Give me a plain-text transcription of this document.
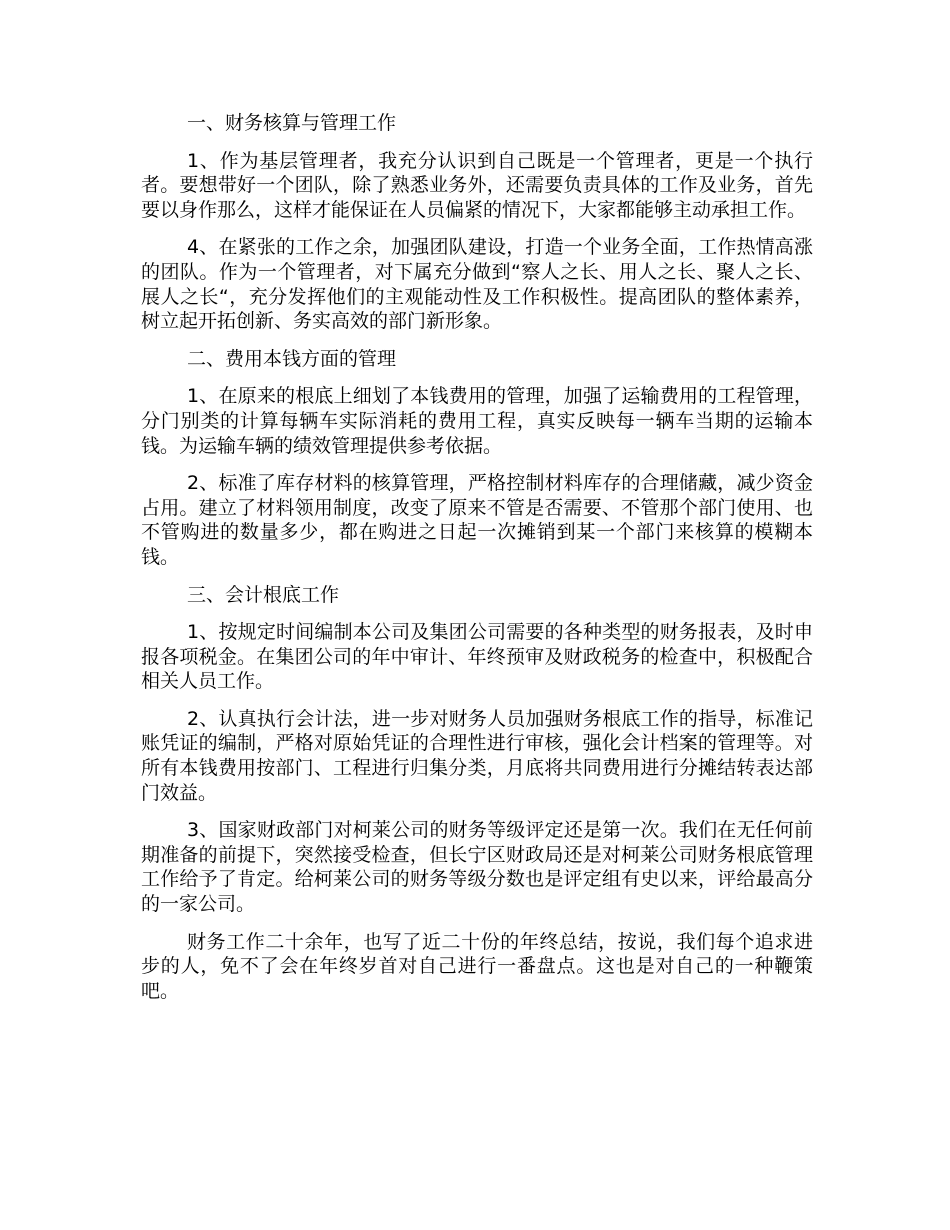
一、财务核算与管理工作

1、作为基层管理者，我充分认识到自己既是一个管理者，更是一个执行者。要想带好一个团队，除了熟悉业务外，还需要负责具体的工作及业务，首先要以身作那么，这样才能保证在人员偏紧的情况下，大家都能够主动承担工作。

4、在紧张的工作之余，加强团队建设，打造一个业务全面，工作热情高涨的团队。作为一个管理者，对下属充分做到“察人之长、用人之长、聚人之长、展人之长“，充分发挥他们的主观能动性及工作积极性。提高团队的整体素养，树立起开拓创新、务实高效的部门新形象。

二、费用本钱方面的管理

1、在原来的根底上细划了本钱费用的管理，加强了运输费用的工程管理，分门别类的计算每辆车实际消耗的费用工程，真实反映每一辆车当期的运输本钱。为运输车辆的绩效管理提供参考依据。

2、标准了库存材料的核算管理，严格控制材料库存的合理储藏，减少资金占用。建立了材料领用制度，改变了原来不管是否需要、不管那个部门使用、也不管购进的数量多少，都在购进之日起一次摊销到某一个部门来核算的模糊本钱。

三、会计根底工作

1、按规定时间编制本公司及集团公司需要的各种类型的财务报表，及时申报各项税金。在集团公司的年中审计、年终预审及财政税务的检查中，积极配合相关人员工作。

2、认真执行会计法，进一步对财务人员加强财务根底工作的指导，标准记账凭证的编制，严格对原始凭证的合理性进行审核，强化会计档案的管理等。对所有本钱费用按部门、工程进行归集分类，月底将共同费用进行分摊结转表达部门效益。

3、国家财政部门对柯莱公司的财务等级评定还是第一次。我们在无任何前期准备的前提下，突然接受检查，但长宁区财政局还是对柯莱公司财务根底管理工作给予了肯定。给柯莱公司的财务等级分数也是评定组有史以来，评给最高分的一家公司。

财务工作二十余年，也写了近二十份的年终总结，按说，我们每个追求进步的人，免不了会在年终岁首对自己进行一番盘点。这也是对自己的一种鞭策吧。
